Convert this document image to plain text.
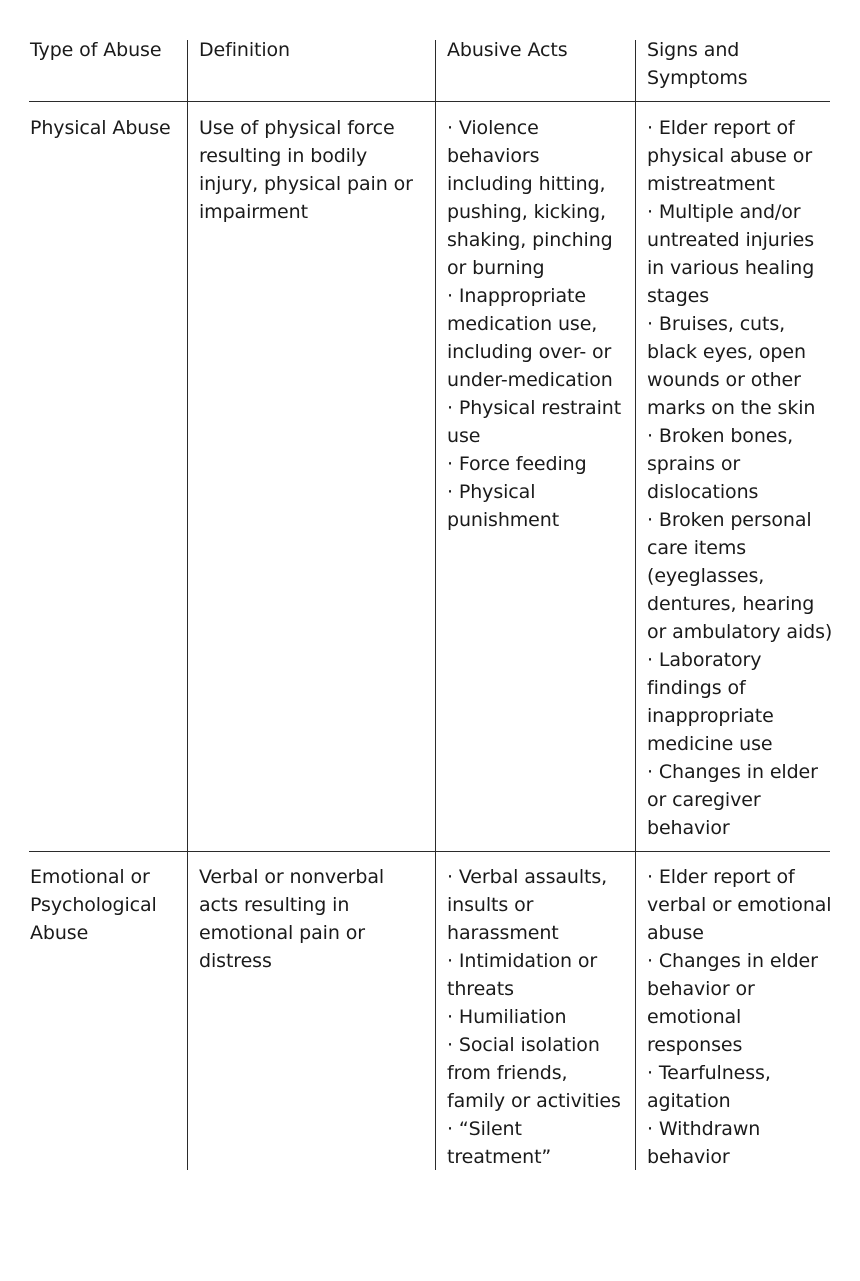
Type of Abuse Definition	Abusive Acts	Signs and
Symptoms
Physical Abuse Use of physical force
resulting in bodily
injury, physical pain or
impairment
· Violence
behaviors
including hitting,
pushing, kicking,
shaking, pinching
or burning
· Inappropriate
medication use,
including over- or
under-medication
· Physical restraint
use
· Force feeding
· Physical
punishment
· Elder report of
physical abuse or
mistreatment
· Multiple and/or
untreated injuries
in various healing
stages
· Bruises, cuts,
black eyes, open
wounds or other
marks on the skin
· Broken bones,
sprains or
dislocations
· Broken personal
care items
(eyeglasses,
dentures, hearing
or ambulatory aids)
· Laboratory
findings of
inappropriate
medicine use
· Changes in elder
or caregiver
behavior
Emotional or
Psychological
Abuse
Verbal or nonverbal
acts resulting in
emotional pain or
distress
· Verbal assaults,
insults or
harassment
· Intimidation or
threats
· Humiliation
· Social isolation
from friends,
family or activities
· “Silent
treatment”
· Elder report of
verbal or emotional
abuse
· Changes in elder
behavior or
emotional
responses
· Tearfulness,
agitation
· Withdrawn
behavior
